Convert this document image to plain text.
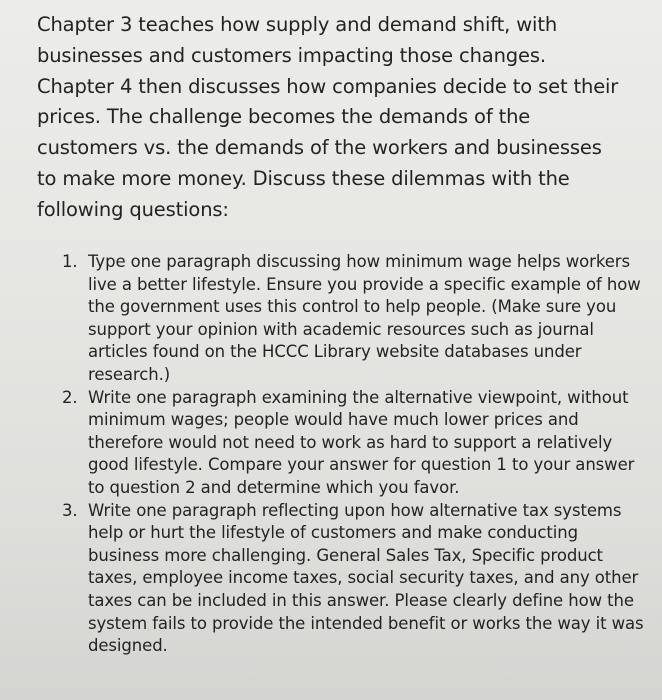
Chapter 3 teaches how supply and demand shift, with businesses and customers impacting those changes. Chapter 4 then discusses how companies decide to set their prices. The challenge becomes the demands of the customers vs. the demands of the workers and businesses to make more money. Discuss these dilemmas with the following questions:

1. Type one paragraph discussing how minimum wage helps workers live a better lifestyle. Ensure you provide a specific example of how the government uses this control to help people. (Make sure you support your opinion with academic resources such as journal articles found on the HCCC Library website databases under research.)
2. Write one paragraph examining the alternative viewpoint, without minimum wages; people would have much lower prices and therefore would not need to work as hard to support a relatively good lifestyle. Compare your answer for question 1 to your answer to question 2 and determine which you favor.
3. Write one paragraph reflecting upon how alternative tax systems help or hurt the lifestyle of customers and make conducting business more challenging. General Sales Tax, Specific product taxes, employee income taxes, social security taxes, and any other taxes can be included in this answer. Please clearly define how the system fails to provide the intended benefit or works the way it was designed.
